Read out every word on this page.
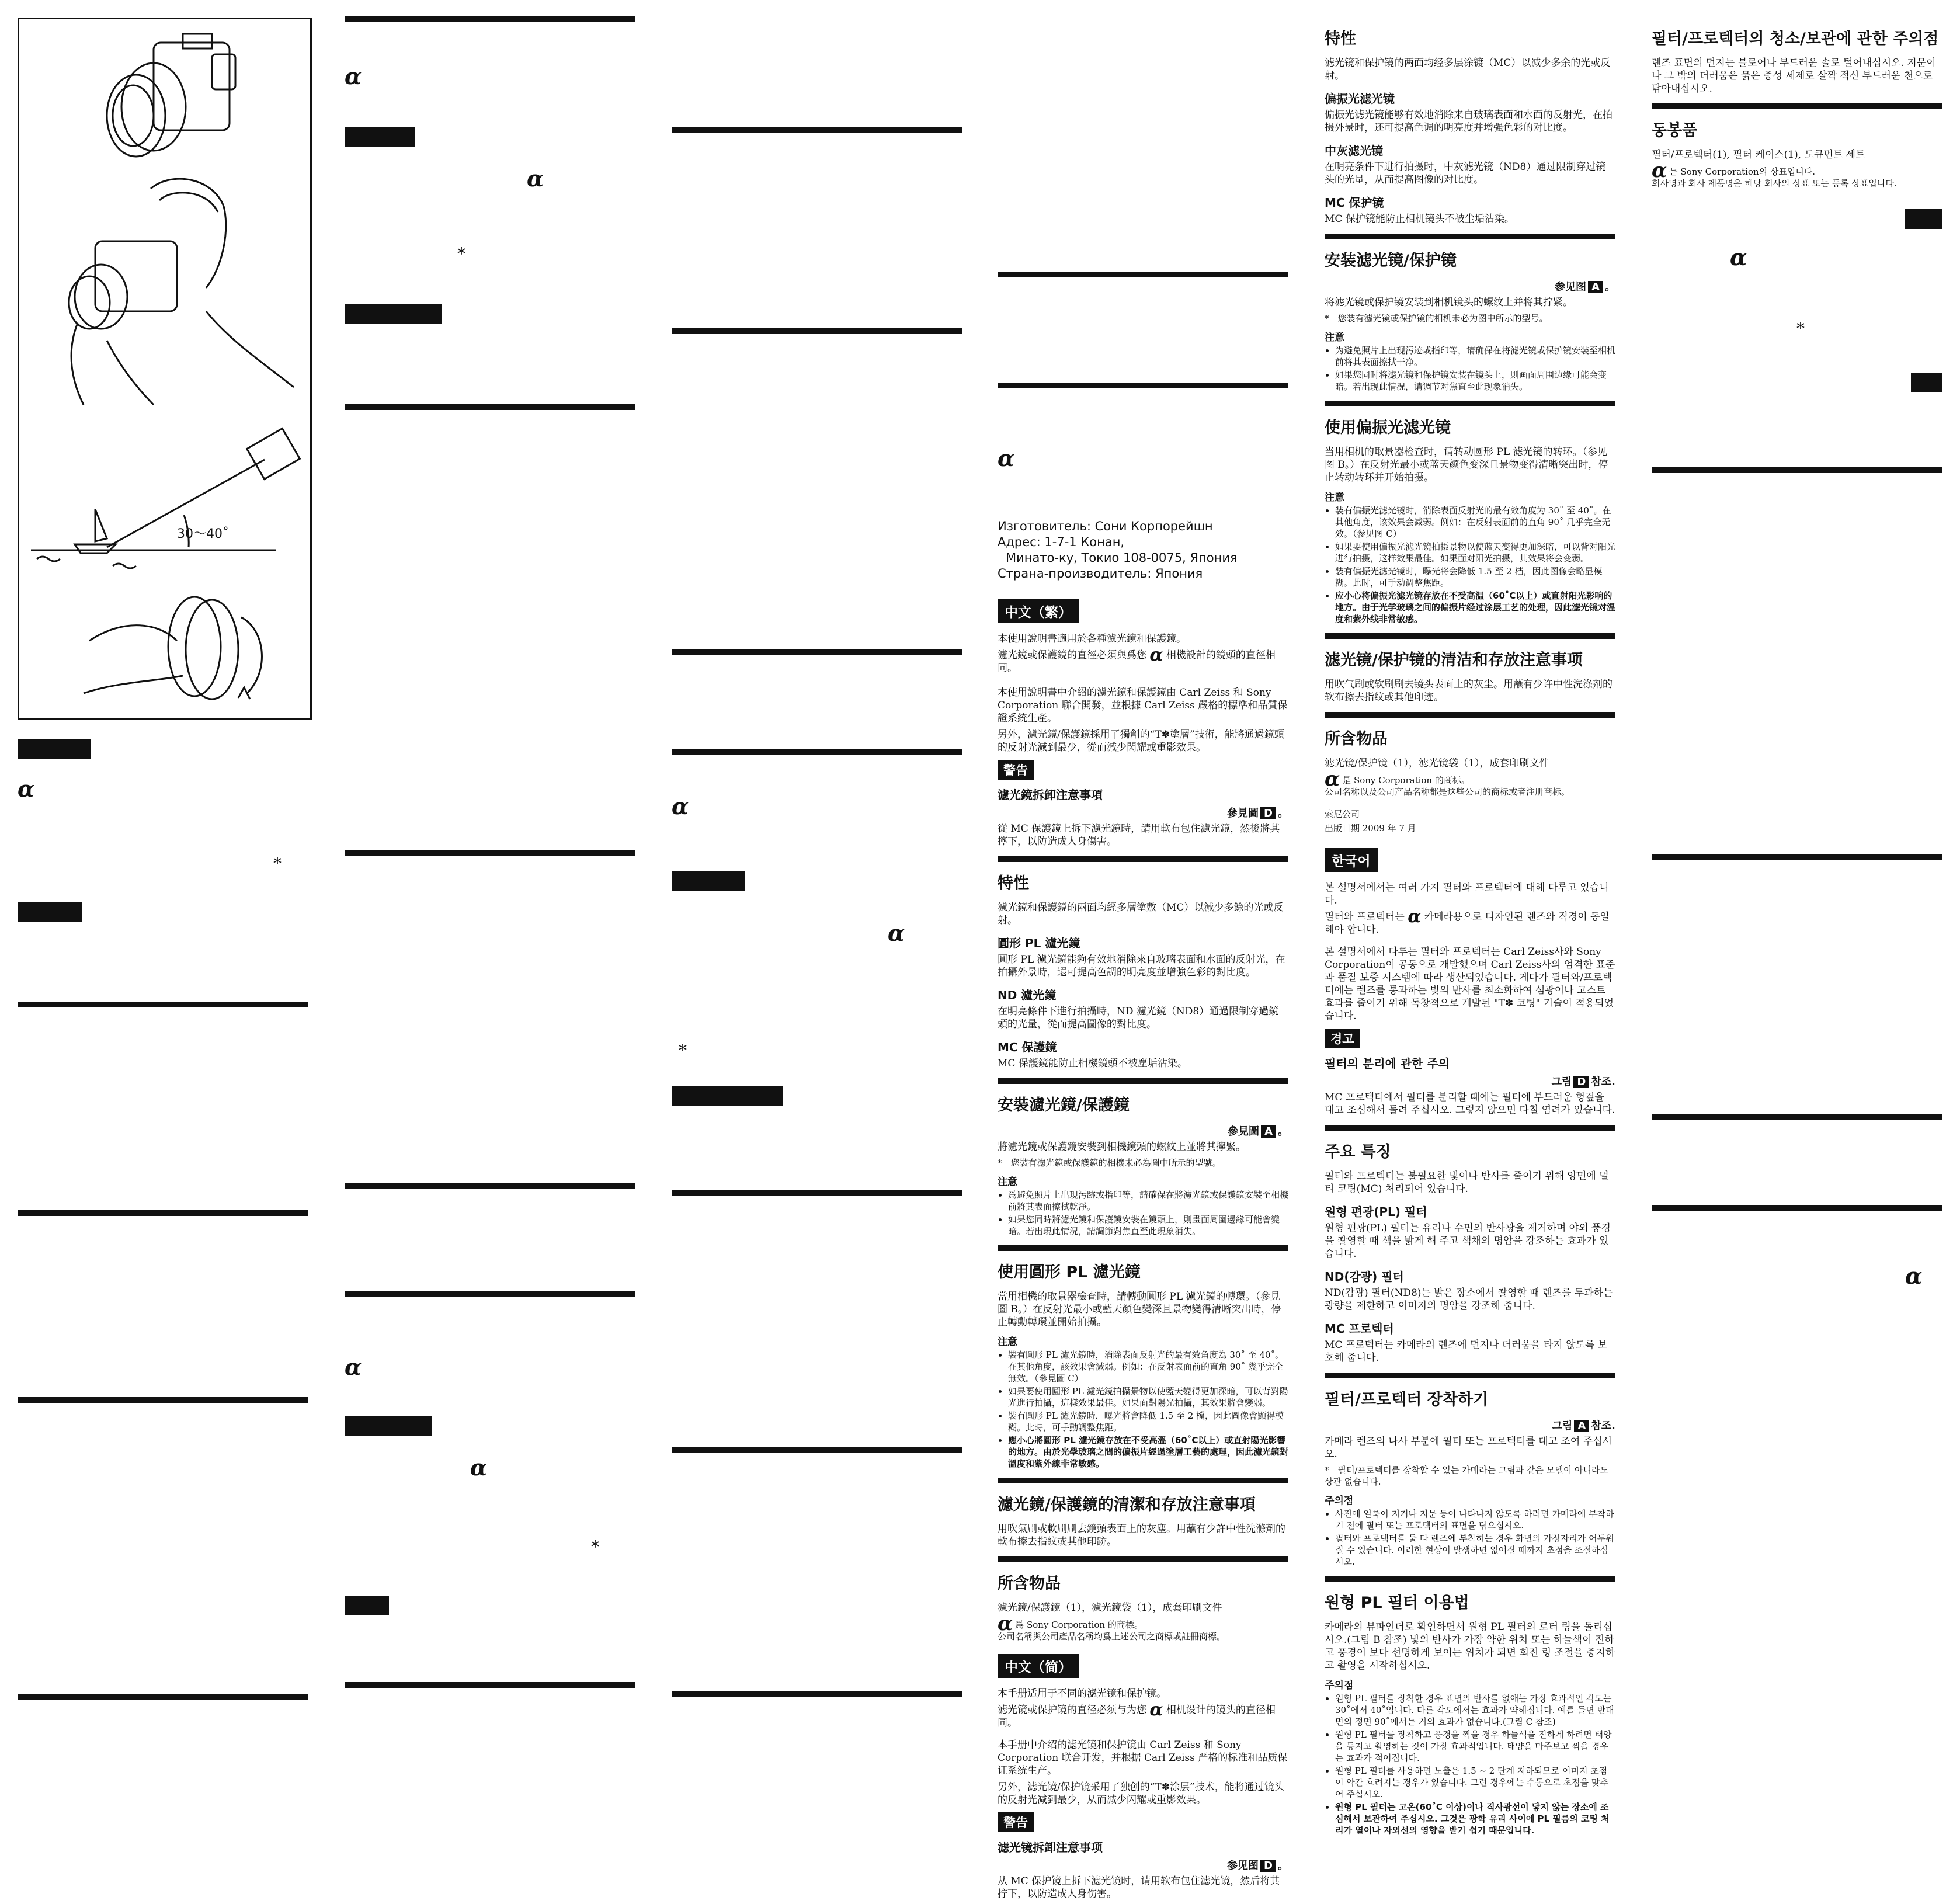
30～40˚
α
*
α
α
*
α
α
*
α
α
*
α
Изготовитель: Сони Корпорейшн
Адрес: 1-7-1 Конан,
Минато-ку, Токио 108-0075, Япония
Страна-производитель: Япония
中文（繁）

本使用說明書適用於各種濾光鏡和保護鏡。

濾光鏡或保護鏡的直徑必須與爲您 α 相機設計的鏡頭的直徑相同。

本使用說明書中介紹的濾光鏡和保護鏡由 Carl Zeiss 和 Sony Corporation 聯合開發，並根據 Carl Zeiss 嚴格的標準和品質保證系統生產。

另外，濾光鏡/保護鏡採用了獨創的“T✽塗層”技術，能將通過鏡頭的反射光減到最少，從而減少閃耀或重影效果。

警告
濾光鏡拆卸注意事項
參見圖 D 。

從 MC 保護鏡上拆下濾光鏡時，請用軟布包住濾光鏡，然後將其擰下，以防造成人身傷害。

特性

濾光鏡和保護鏡的兩面均經多層塗敷（MC）以減少多餘的光或反射。

圓形 PL 濾光鏡

圓形 PL 濾光鏡能夠有效地消除來自玻璃表面和水面的反射光，在拍攝外景時，還可提高色調的明亮度並增強色彩的對比度。

ND 濾光鏡

在明亮條件下進行拍攝時，ND 濾光鏡（ND8）通過限制穿過鏡頭的光量，從而提高圖像的對比度。

MC 保護鏡

MC 保護鏡能防止相機鏡頭不被塵垢沾染。

安裝濾光鏡/保護鏡
參見圖 A 。

將濾光鏡或保護鏡安裝到相機鏡頭的螺紋上並將其擰緊。

*　您裝有濾光鏡或保護鏡的相機未必為圖中所示的型號。

注意
• 爲避免照片上出現污跡或指印等，請確保在將濾光鏡或保護鏡安裝至相機前將其表面擦拭乾淨。
• 如果您同時將濾光鏡和保護鏡安裝在鏡頭上，則畫面周圍邊緣可能會變暗。若出現此情況，請調節對焦直至此現象消失。
使用圓形 PL 濾光鏡

當用相機的取景器檢查時，請轉動圓形 PL 濾光鏡的轉環。（參見圖 B。）在反射光最小或藍天顏色變深且景物變得清晰突出時，停止轉動轉環並開始拍攝。

注意
• 裝有圓形 PL 濾光鏡時，消除表面反射光的最有效角度為 30˚ 至 40˚。在其他角度，該效果會減弱。例如：在反射表面前的直角 90˚ 幾乎完全無效。（參見圖 C）
• 如果要使用圓形 PL 濾光鏡拍攝景物以使藍天變得更加深暗，可以背對陽光進行拍攝，這樣效果最佳。如果面對陽光拍攝，其效果將會變弱。
• 裝有圓形 PL 濾光鏡時，曝光將會降低 1.5 至 2 檔，因此圖像會顯得模糊。此時，可手動調整焦距。
• 應小心將圓形 PL 濾光鏡存放在不受高溫（60˚C以上）或直射陽光影響的地方。由於光學玻璃之間的偏振片經過塗層工藝的處理，因此濾光鏡對溫度和紫外線非常敏感。
濾光鏡/保護鏡的清潔和存放注意事項

用吹氣刷或軟刷刷去鏡頭表面上的灰塵。用蘸有少許中性洗滌劑的軟布擦去指紋或其他印跡。

所含物品

濾光鏡/保護鏡（1），濾光鏡袋（1），成套印刷文件

α爲 Sony Corporation 的商標。
公司名稱與公司產品名稱均爲上述公司之商標或註冊商標。
中文（简）

本手册适用于不同的滤光镜和保护镜。

滤光镜或保护镜的直径必须与为您 α 相机设计的镜头的直径相同。

本手册中介绍的滤光镜和保护镜由 Carl Zeiss 和 Sony Corporation 联合开发，并根据 Carl Zeiss 严格的标准和品质保证系统生产。

另外，滤光镜/保护镜采用了独创的“T✽涂层”技术，能将通过镜头的反射光减到最少，从而减少闪耀或重影效果。

警告
滤光镜拆卸注意事项
参见图 D 。

从 MC 保护镜上拆下滤光镜时，请用软布包住滤光镜，然后将其拧下，以防造成人身伤害。

特性

滤光镜和保护镜的两面均经多层涂镀（MC）以减少多余的光或反射。

偏振光滤光镜

偏振光滤光镜能够有效地消除来自玻璃表面和水面的反射光，在拍摄外景时，还可提高色调的明亮度并增强色彩的对比度。

中灰滤光镜

在明亮条件下进行拍摄时，中灰滤光镜（ND8）通过限制穿过镜头的光量，从而提高图像的对比度。

MC 保护镜

MC 保护镜能防止相机镜头不被尘垢沾染。

安装滤光镜/保护镜
参见图 A 。

将滤光镜或保护镜安装到相机镜头的螺纹上并将其拧紧。

*　您装有滤光镜或保护镜的相机未必为图中所示的型号。

注意
• 为避免照片上出现污迹或指印等，请确保在将滤光镜或保护镜安装至相机前将其表面擦拭干净。
• 如果您同时将滤光镜和保护镜安装在镜头上，则画面周围边缘可能会变暗。若出现此情况，请调节对焦直至此现象消失。
使用偏振光滤光镜

当用相机的取景器检查时，请转动圆形 PL 滤光镜的转环。（参见图 B。）在反射光最小或蓝天颜色变深且景物变得清晰突出时，停止转动转环并开始拍摄。

注意
• 装有偏振光滤光镜时，消除表面反射光的最有效角度为 30˚ 至 40˚。在其他角度，该效果会减弱。例如：在反射表面前的直角 90˚ 几乎完全无效。（参见图 C）
• 如果要使用偏振光滤光镜拍摄景物以使蓝天变得更加深暗，可以背对阳光进行拍摄，这样效果最佳。如果面对阳光拍摄，其效果将会变弱。
• 装有偏振光滤光镜时，曝光将会降低 1.5 至 2 档，因此图像会略显模糊。此时，可手动调整焦距。
• 应小心将偏振光滤光镜存放在不受高温（60˚C以上）或直射阳光影响的地方。由于光学玻璃之间的偏振片经过涂层工艺的处理，因此滤光镜对温度和紫外线非常敏感。
滤光镜/保护镜的清洁和存放注意事项

用吹气刷或软刷刷去镜头表面上的灰尘。用蘸有少许中性洗涤剂的软布擦去指纹或其他印迹。

所含物品

滤光镜/保护镜（1），滤光镜袋（1），成套印刷文件

α是 Sony Corporation 的商标。
公司名称以及公司产品名称都是这些公司的商标或者注册商标。

索尼公司

出版日期 2009 年 7 月

한국어

본 설명서에서는 여러 가지 필터와 프로텍터에 대해 다루고 있습니다.

필터와 프로텍터는 α 카메라용으로 디자인된 렌즈와 직경이 동일해야 합니다.

본 설명서에서 다루는 필터와 프로텍터는 Carl Zeiss사와 Sony Corporation이 공동으로 개발했으며 Carl Zeiss사의 엄격한 표준과 품질 보증 시스템에 따라 생산되었습니다. 게다가 필터와/프로텍터에는 렌즈를 통과하는 빛의 반사를 최소화하여 섬광이나 고스트 효과를 줄이기 위해 독창적으로 개발된 "T✽ 코팅" 기술이 적용되었습니다.

경고
필터의 분리에 관한 주의
그림 D 참조.

MC 프로텍터에서 필터를 분리할 때에는 필터에 부드러운 헝겊을 대고 조심해서 돌려 주십시오. 그렇지 않으면 다칠 염려가 있습니다.

주요 특징

필터와 프로텍터는 불필요한 빛이나 반사를 줄이기 위해 양면에 멀티 코팅(MC) 처리되어 있습니다.

원형 편광(PL) 필터

원형 편광(PL) 필터는 유리나 수면의 반사광을 제거하며 야외 풍경을 촬영할 때 색을 밝게 해 주고 색채의 명암을 강조하는 효과가 있습니다.

ND(감광) 필터

ND(감광) 필터(ND8)는 밝은 장소에서 촬영할 때 렌즈를 투과하는 광량을 제한하고 이미지의 명암을 강조해 줍니다.

MC 프로텍터

MC 프로텍터는 카메라의 렌즈에 먼지나 더러움을 타지 않도록 보호해 줍니다.

필터/프로텍터 장착하기
그림 A 참조.

카메라 렌즈의 나사 부분에 필터 또는 프로텍터를 대고 조여 주십시오.

*　필터/프로텍터를 장착할 수 있는 카메라는 그림과 같은 모델이 아니라도 상관 없습니다.

주의점
• 사진에 얼룩이 지거나 지문 등이 나타나지 않도록 하려면 카메라에 부착하기 전에 필터 또는 프로텍터의 표면을 닦으십시오.
• 필터와 프로텍터를 둘 다 렌즈에 부착하는 경우 화면의 가장자리가 어두워질 수 있습니다. 이러한 현상이 발생하면 없어질 때까지 초점을 조절하십시오.
원형 PL 필터 이용법

카메라의 뷰파인더로 확인하면서 원형 PL 필터의 로터 링을 돌리십시오.(그림 B 참조) 빛의 반사가 가장 약한 위치 또는 하늘색이 진하고 풍경이 보다 선명하게 보이는 위치가 되면 회전 링 조절을 중지하고 촬영을 시작하십시오.

주의점
• 원형 PL 필터를 장착한 경우 표면의 반사를 없애는 가장 효과적인 각도는 30˚에서 40˚입니다. 다른 각도에서는 효과가 약해집니다. 예를 들면 반대 면의 정면 90˚에서는 거의 효과가 없습니다.(그림 C 참조)
• 원형 PL 필터를 장착하고 풍경을 찍을 경우 하늘색을 진하게 하려면 태양을 등지고 촬영하는 것이 가장 효과적입니다. 태양을 마주보고 찍을 경우는 효과가 적어집니다.
• 원형 PL 필터를 사용하면 노출은 1.5 ~ 2 단계 저하되므로 이미지 초점이 약간 흐려지는 경우가 있습니다. 그런 경우에는 수동으로 초점을 맞추어 주십시오.
• 원형 PL 필터는 고온(60˚C 이상)이나 직사광선이 닿지 않는 장소에 조심해서 보관하여 주십시오. 그것은 광학 유리 사이에 PL 필름의 코팅 처리가 열이나 자외선의 영향을 받기 쉽기 때문입니다.
필터/프로텍터의 청소/보관에 관한 주의점

렌즈 표면의 먼지는 블로어나 부드러운 솔로 털어내십시오. 지문이나 그 밖의 더러움은 묽은 중성 세제로 살짝 적신 부드러운 천으로 닦아내십시오.

동봉품

필터/프로텍터(1), 필터 케이스(1), 도큐먼트 세트

α는 Sony Corporation의 상표입니다.
회사명과 회사 제품명은 해당 회사의 상표 또는 등록 상표입니다.
α
*
α
